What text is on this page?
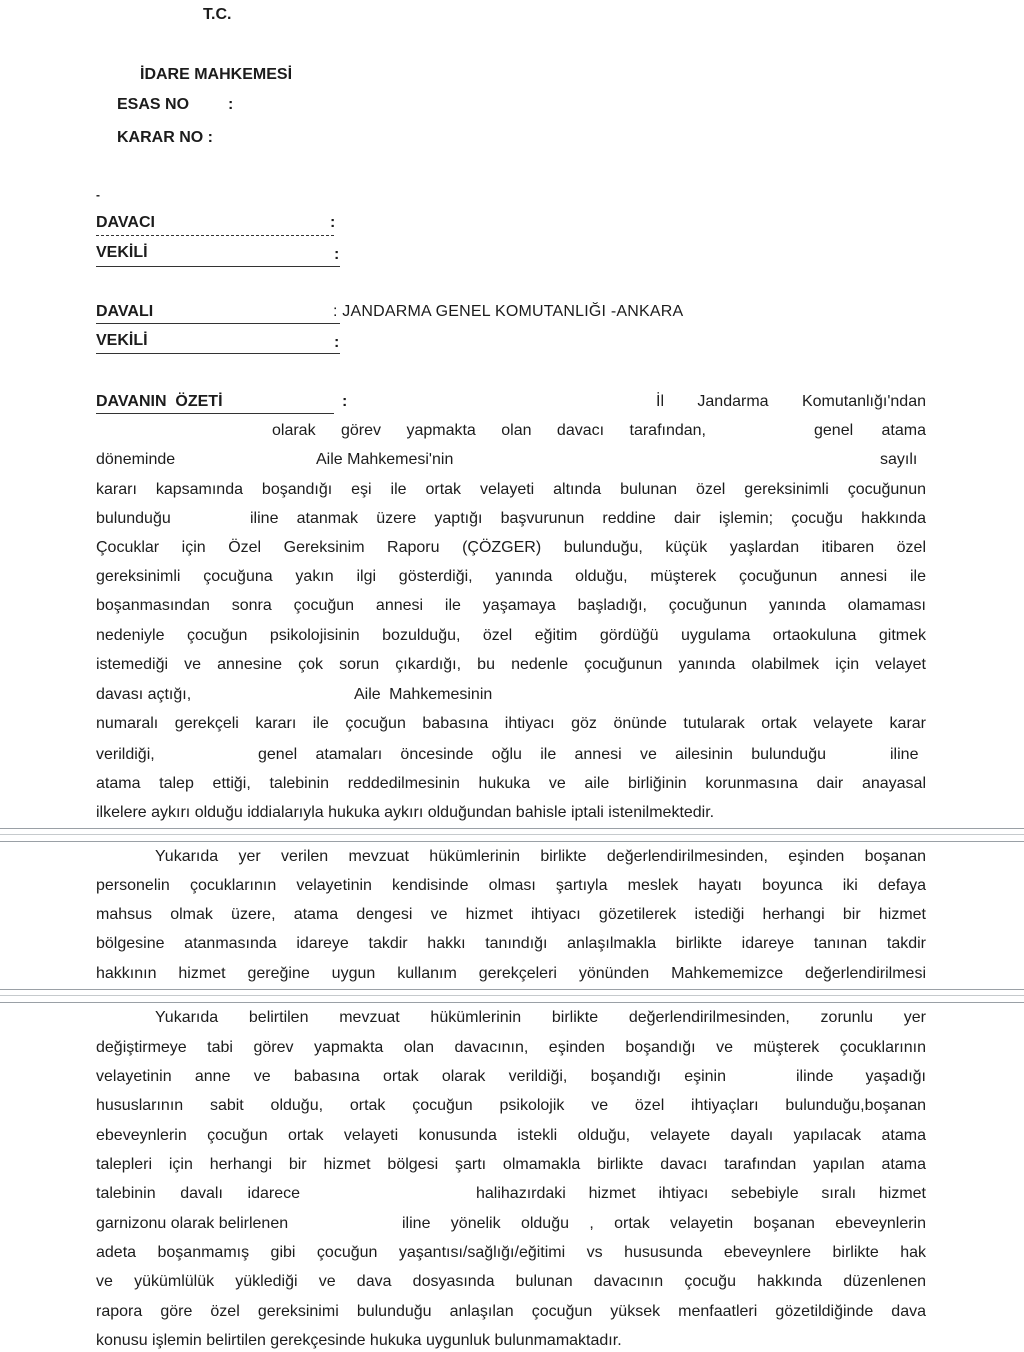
T.C.
İDARE MAHKEMESİ
ESAS NO :
KARAR NO :
-
DAVACI	:
VEKİLİ	:
DAVALI	: JANDARMA GENEL KOMUTANLIĞI -ANKARA
VEKİLİ	:
DAVANIN  ÖZETİ	:	İl Jandarma Komutanlığı'ndan
olarak görev yapmakta olan davacı tarafından,	genel atama
döneminde	Aile Mahkemesi'nin	sayılı
kararı kapsamında boşandığı eşi ile ortak velayeti altında bulunan özel gereksinimli çocuğunun
bulunduğu	iline atanmak üzere yaptığı başvurunun reddine dair işlemin; çocuğu hakkında
Çocuklar için Özel Gereksinim Raporu (ÇÖZGER) bulunduğu, küçük yaşlardan itibaren özel
gereksinimli çocuğuna yakın ilgi gösterdiği, yanında olduğu, müşterek çocuğunun annesi ile
boşanmasından sonra çocuğun annesi ile yaşamaya başladığı, çocuğunun yanında olamaması
nedeniyle çocuğun psikolojisinin bozulduğu, özel eğitim gördüğü uygulama ortaokuluna gitmek
istemediği ve annesine çok sorun çıkardığı, bu nedenle çocuğunun yanında olabilmek için velayet
davası açtığı,	Aile Mahkemesinin
numaralı gerekçeli kararı ile çocuğun babasına ihtiyacı göz önünde tutularak ortak velayete karar
verildiği,	genel atamaları öncesinde oğlu ile annesi ve ailesinin bulunduğu	iline
atama talep ettiği, talebinin reddedilmesinin hukuka ve aile birliğinin korunmasına dair anayasal
ilkelere aykırı olduğu iddialarıyla hukuka aykırı olduğundan bahisle iptali istenilmektedir.
Yukarıda yer verilen mevzuat hükümlerinin birlikte değerlendirilmesinden, eşinden boşanan
personelin çocuklarının velayetinin kendisinde olması şartıyla meslek hayatı boyunca iki defaya
mahsus olmak üzere, atama dengesi ve hizmet ihtiyacı gözetilerek istediği herhangi bir hizmet
bölgesine atanmasında idareye takdir hakkı tanındığı anlaşılmakla birlikte idareye tanınan takdir
hakkının hizmet gereğine uygun kullanım gerekçeleri yönünden Mahkememizce değerlendirilmesi
Yukarıda belirtilen mevzuat hükümlerinin birlikte değerlendirilmesinden, zorunlu yer
değiştirmeye tabi görev yapmakta olan davacının, eşinden boşandığı ve müşterek çocuklarının
velayetinin anne ve babasına ortak olarak verildiği, boşandığı eşinin	ilinde yaşadığı
hususlarının sabit olduğu, ortak çocuğun psikolojik ve özel ihtiyaçları bulunduğu,boşanan
ebeveynlerin çocuğun ortak velayeti konusunda istekli olduğu, velayete dayalı yapılacak atama
talepleri için herhangi bir hizmet bölgesi şartı olmamakla birlikte davacı tarafından yapılan atama
talebinin davalı idarece	halihazırdaki hizmet ihtiyacı sebebiyle sıralı hizmet
garnizonu olarak belirlenen	iline yönelik olduğu , ortak velayetin boşanan ebeveynlerin
adeta boşanmamış gibi çocuğun yaşantısı/sağlığı/eğitimi vs hususunda ebeveynlere birlikte hak
ve yükümlülük yüklediği ve dava dosyasında bulunan davacının çocuğu hakkında düzenlenen
rapora göre özel gereksinimi bulunduğu anlaşılan çocuğun yüksek menfaatleri gözetildiğinde dava
konusu işlemin belirtilen gerekçesinde hukuka uygunluk bulunmamaktadır.
